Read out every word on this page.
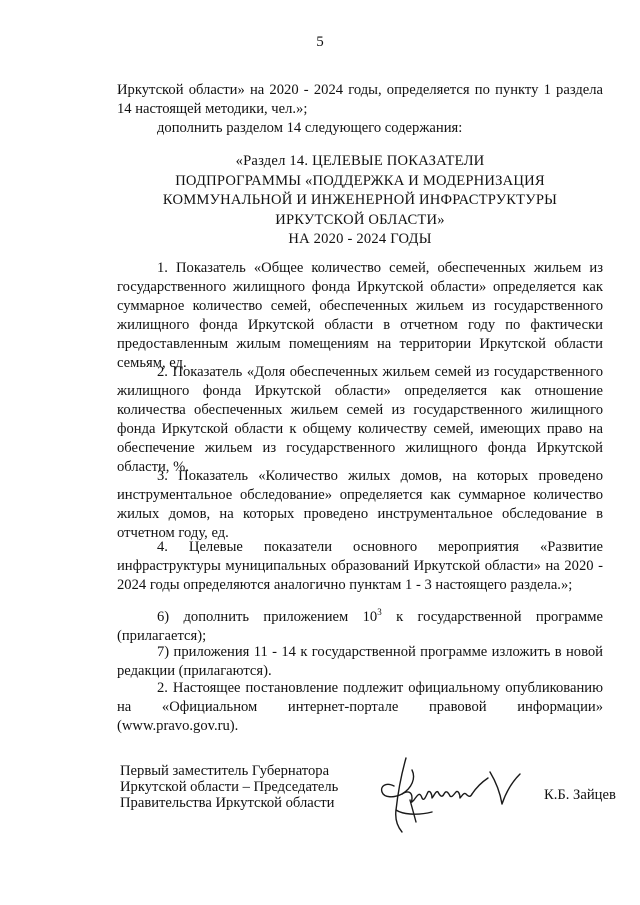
5
Иркутской области» на 2020 - 2024 годы, определяется по пункту 1 раздела 14 настоящей методики, чел.»;
дополнить разделом 14 следующего содержания:
«Раздел 14. ЦЕЛЕВЫЕ ПОКАЗАТЕЛИ
ПОДПРОГРАММЫ «ПОДДЕРЖКА И МОДЕРНИЗАЦИЯ
КОММУНАЛЬНОЙ И ИНЖЕНЕРНОЙ ИНФРАСТРУКТУРЫ
ИРКУТСКОЙ ОБЛАСТИ»
НА 2020 - 2024 ГОДЫ
1. Показатель «Общее количество семей, обеспеченных жильем из государственного жилищного фонда Иркутской области» определяется как суммарное количество семей, обеспеченных жильем из государственного жилищного фонда Иркутской области в отчетном году по фактически предоставленным жилым помещениям на территории Иркутской области семьям, ед.
2. Показатель «Доля обеспеченных жильем семей из государственного жилищного фонда Иркутской области» определяется как отношение количества обеспеченных жильем семей из государственного жилищного фонда Иркутской области к общему количеству семей, имеющих право на обеспечение жильем из государственного жилищного фонда Иркутской области, %.
3. Показатель «Количество жилых домов, на которых проведено инструментальное обследование» определяется как суммарное количество жилых домов, на которых проведено инструментальное обследование в отчетном году, ед.
4. Целевые показатели основного мероприятия «Развитие инфраструктуры муниципальных образований Иркутской области» на 2020 - 2024 годы определяются аналогично пунктам 1 - 3 настоящего раздела.»;
6) дополнить приложением $10^3$ к государственной программе (прилагается);
7) приложения 11 - 14 к государственной программе изложить в новой редакции (прилагаются).
2. Настоящее постановление подлежит официальному опубликованию на «Официальном интернет-портале правовой информации» (www.pravo.gov.ru).
Первый заместитель Губернатора
Иркутской области – Председатель
Правительства Иркутской области	К.Б. Зайцев
